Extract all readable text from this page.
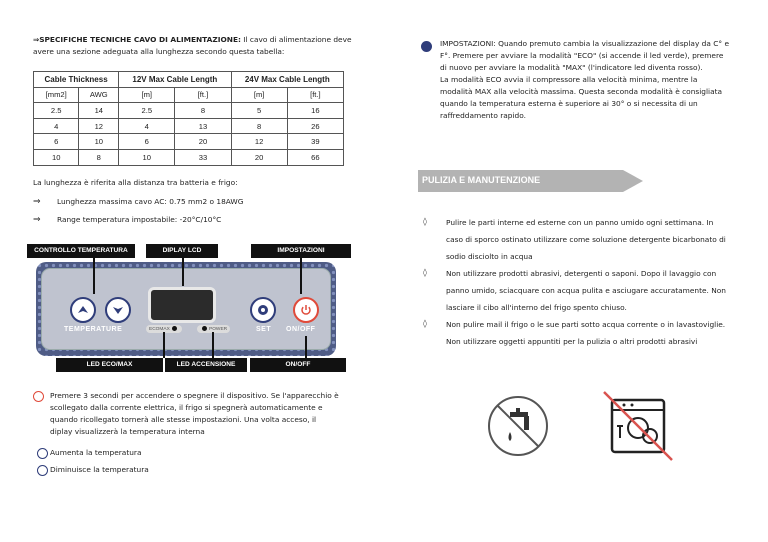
⇒SPECIFICHE TECNICHE CAVO DI ALIMENTAZIONE: Il cavo di alimentazione deve
avere una sezione adeguata alla lunghezza secondo questa tabella:
Cable Thickness		12V Max Cable Length		24V Max Cable Length	
[mm2]	AWG	[m]	[ft.]	[m]	[ft.]
2.5	14	2.5	8	5	16
4	12	4	13	8	26
6	10	6	20	12	39
10	8	10	33	20	66
La lunghezza è riferita alla distanza tra batteria e frigo:
⇒ Lunghezza massima cavo AC: 0.75 mm2 o 18AWG
⇒ Range temperatura impostabile: -20°C/10°C
CONTROLLO TEMPERATURA	DIPLAY LCD	IMPOSTAZIONI
TEMPERATURE	ECOMAX	POWER	SET ON/OFF
LED ECO/MAX	LED ACCENSIONE	ON/OFF
Premere 3 secondi per accendere o spegnere il dispositivo. Se l'apparecchio è
scollegato dalla corrente elettrica, il frigo si spegnerà automaticamente e
quando ricollegato tornerà alle stesse impostazioni. Una volta acceso, il
diplay visualizzerà la temperatura interna
Aumenta la temperatura
Diminuisce la temperatura
IMPOSTAZIONI: Quando premuto cambia la visualizzazione del display da C° e
F°. Premere per avviare la modalità "ECO" (si accende il led verde), premere
di nuovo per avviare la modalità "MAX" (l'indicatore led diventa rosso).
La modalità ECO avvia il compressore alla velocità minima, mentre la
modalità MAX alla velocità massima. Questa seconda modalità è consigliata
quando la temperatura esterna è superiore ai 30° o si necessita di un
raffreddamento rapido.
PULIZIA E MANUTENZIONE
◊	Pulire le parti interne ed esterne con un panno umido ogni settimana. In
caso di sporco ostinato utilizzare come soluzione detergente bicarbonato di
sodio disciolto in acqua
◊	Non utilizzare prodotti abrasivi, detergenti o saponi. Dopo il lavaggio con
panno umido, sciacquare con acqua pulita e asciugare accuratamente. Non
lasciare il cibo all'interno del frigo spento chiuso.
◊	Non pulire mail il frigo o le sue parti sotto acqua corrente o in lavastoviglie.
Non utilizzare oggetti appuntiti per la pulizia o altri prodotti abrasivi
